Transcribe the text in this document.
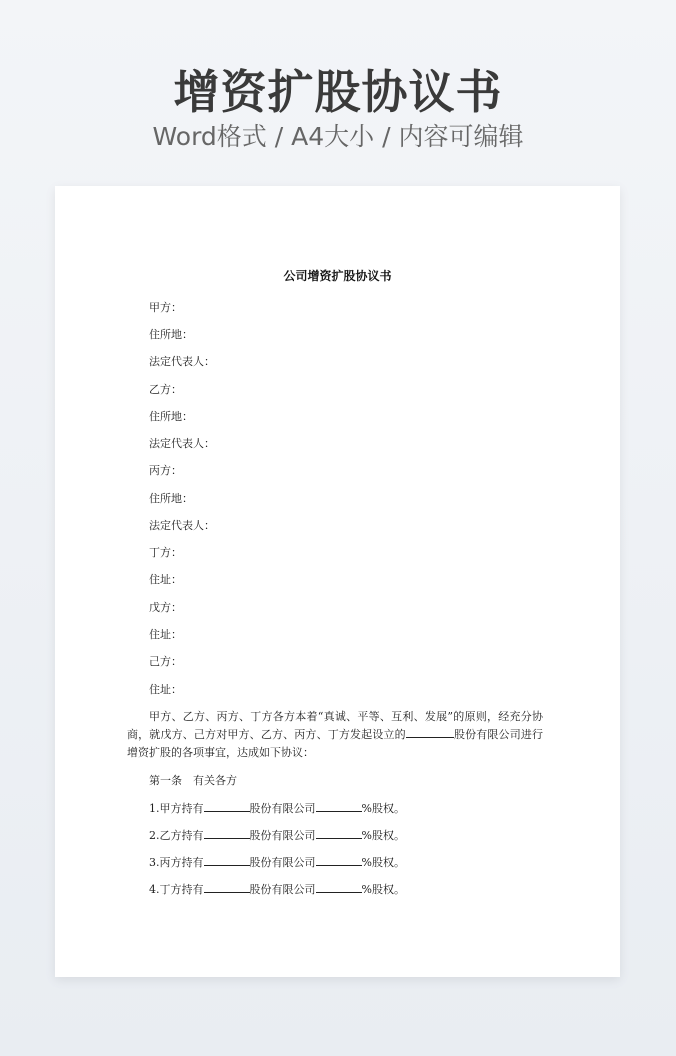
增资扩股协议书
Word格式 / A4大小 / 内容可编辑
公司增资扩股协议书
甲方：
住所地：
法定代表人：
乙方：
住所地：
法定代表人：
丙方：
住所地：
法定代表人：
丁方：
住址：
戊方：
住址：
己方：
住址：
甲方、乙方、丙方、丁方各方本着“真诚、平等、互利、发展”的原则，经充分协商，就戊方、己方对甲方、乙方、丙方、丁方发起设立的	股份有限公司进行增资扩股的各项事宜，达成如下协议：
第一条　有关各方
1.甲方持有	股份有限公司	%股权。
2.乙方持有	股份有限公司	%股权。
3.丙方持有	股份有限公司	%股权。
4.丁方持有	股份有限公司	%股权。
